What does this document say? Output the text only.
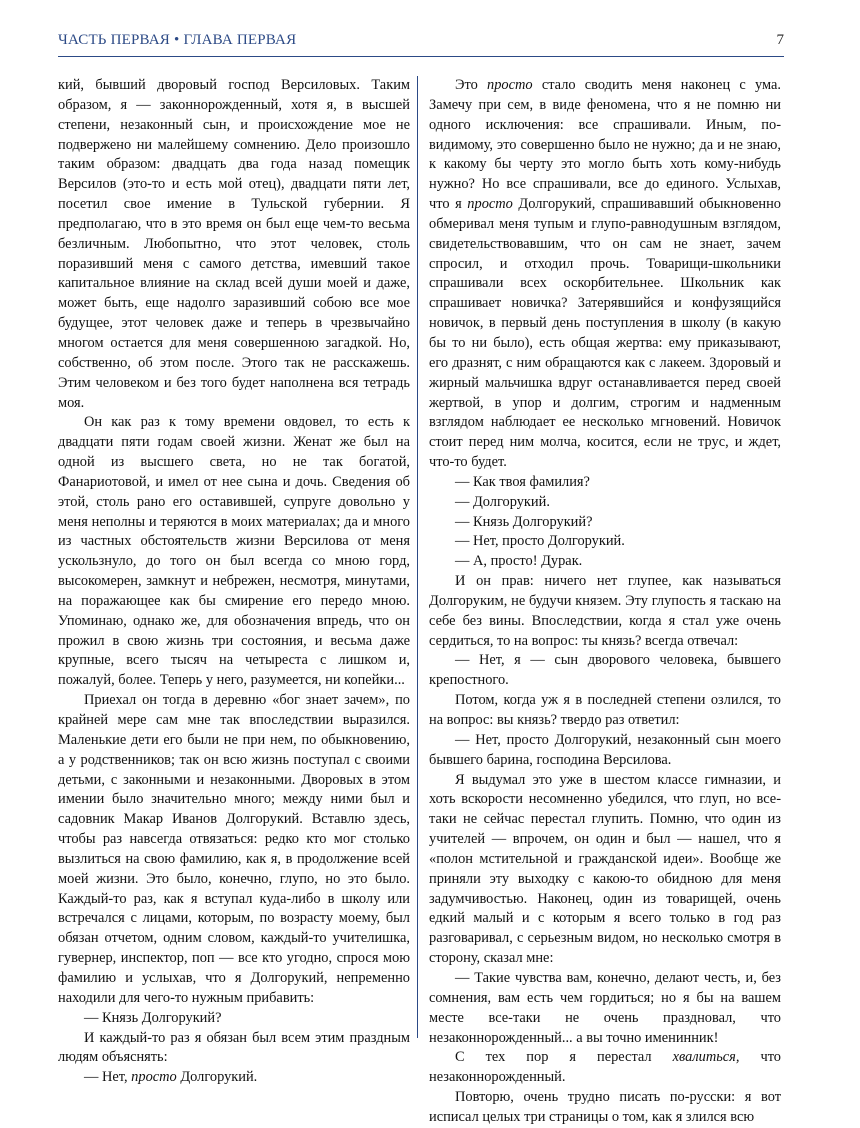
ЧАСТЬ ПЕРВАЯ • ГЛАВА ПЕРВАЯ	7

кий, бывший дворовый господ Версиловых. Таким образом, я — законнорожденный, хотя я, в высшей степени, незаконный сын, и происхождение мое не подвержено ни малейшему сомнению. Дело произошло таким образом: двадцать два года назад помещик Версилов (это-то и есть мой отец), двадцати пяти лет, посетил свое имение в Тульской губернии. Я предполагаю, что в это время он был еще чем-то весьма безличным. Любопытно, что этот человек, столь поразивший меня с самого детства, имевший такое капитальное влияние на склад всей души моей и даже, может быть, еще надолго заразивший собою все мое будущее, этот человек даже и теперь в чрезвычайно многом остается для меня совершенною загадкой. Но, собственно, об этом после. Этого так не расскажешь. Этим человеком и без того будет наполнена вся тетрадь моя.

Он как раз к тому времени овдовел, то есть к двадцати пяти годам своей жизни. Женат же был на одной из высшего света, но не так богатой, Фанариотовой, и имел от нее сына и дочь. Сведения об этой, столь рано его оставившей, супруге довольно у меня неполны и теряются в моих материалах; да и много из частных обстоятельств жизни Версилова от меня ускользнуло, до того он был всегда со мною горд, высокомерен, замкнут и небрежен, несмотря, минутами, на поражающее как бы смирение его передо мною. Упоминаю, однако же, для обозначения впредь, что он прожил в свою жизнь три состояния, и весьма даже крупные, всего тысяч на четыреста с лишком и, пожалуй, более. Теперь у него, разумеется, ни копейки...

Приехал он тогда в деревню «бог знает зачем», по крайней мере сам мне так впоследствии выразился. Маленькие дети его были не при нем, по обыкновению, а у родственников; так он всю жизнь поступал с своими детьми, с законными и незаконными. Дворовых в этом имении было значительно много; между ними был и садовник Макар Иванов Долгорукий. Вставлю здесь, чтобы раз навсегда отвязаться: редко кто мог столько вызлиться на свою фамилию, как я, в продолжение всей моей жизни. Это было, конечно, глупо, но это было. Каждый-то раз, как я вступал куда-либо в школу или встречался с лицами, которым, по возрасту моему, был обязан отчетом, одним словом, каждый-то учителишка, гувернер, инспектор, поп — все кто угодно, спрося мою фамилию и услыхав, что я Долгорукий, непременно находили для чего-то нужным прибавить:

— Князь Долгорукий?

И каждый-то раз я обязан был всем этим праздным людям объяснять:

— Нет, просто Долгорукий.

Это просто стало сводить меня наконец с ума. Замечу при сем, в виде феномена, что я не помню ни одного исключения: все спрашивали. Иным, по-видимому, это совершенно было не нужно; да и не знаю, к какому бы черту это могло быть хоть кому-нибудь нужно? Но все спрашивали, все до единого. Услыхав, что я просто Долгорукий, спрашивавший обыкновенно обмеривал меня тупым и глупо-равнодушным взглядом, свидетельствовавшим, что он сам не знает, зачем спросил, и отходил прочь. Товарищи-школьники спрашивали всех оскорбительнее. Школьник как спрашивает новичка? Затерявшийся и конфузящийся новичок, в первый день поступления в школу (в какую бы то ни было), есть общая жертва: ему приказывают, его дразнят, с ним обращаются как с лакеем. Здоровый и жирный мальчишка вдруг останавливается перед своей жертвой, в упор и долгим, строгим и надменным взглядом наблюдает ее несколько мгновений. Новичок стоит перед ним молча, косится, если не трус, и ждет, что-то будет.

— Как твоя фамилия?

— Долгорукий.

— Князь Долгорукий?

— Нет, просто Долгорукий.

— А, просто! Дурак.

И он прав: ничего нет глупее, как называться Долгоруким, не будучи князем. Эту глупость я таскаю на себе без вины. Впоследствии, когда я стал уже очень сердиться, то на вопрос: ты князь? всегда отвечал:

— Нет, я — сын дворового человека, бывшего крепостного.

Потом, когда уж я в последней степени озлился, то на вопрос: вы князь? твердо раз ответил:

— Нет, просто Долгорукий, незаконный сын моего бывшего барина, господина Версилова.

Я выдумал это уже в шестом классе гимназии, и хоть вскорости несомненно убедился, что глуп, но все-таки не сейчас перестал глупить. Помню, что один из учителей — впрочем, он один и был — нашел, что я «полон мстительной и гражданской идеи». Вообще же приняли эту выходку с какою-то обидною для меня задумчивостью. Наконец, один из товарищей, очень едкий малый и с которым я всего только в год раз разговаривал, с серьезным видом, но несколько смотря в сторону, сказал мне:

— Такие чувства вам, конечно, делают честь, и, без сомнения, вам есть чем гордиться; но я бы на вашем месте все-таки не очень праздновал, что незаконнорожденный... а вы точно именинник!

С тех пор я перестал хвалиться, что незаконнорожденный.

Повторю, очень трудно писать по-русски: я вот исписал целых три страницы о том, как я злился всю
